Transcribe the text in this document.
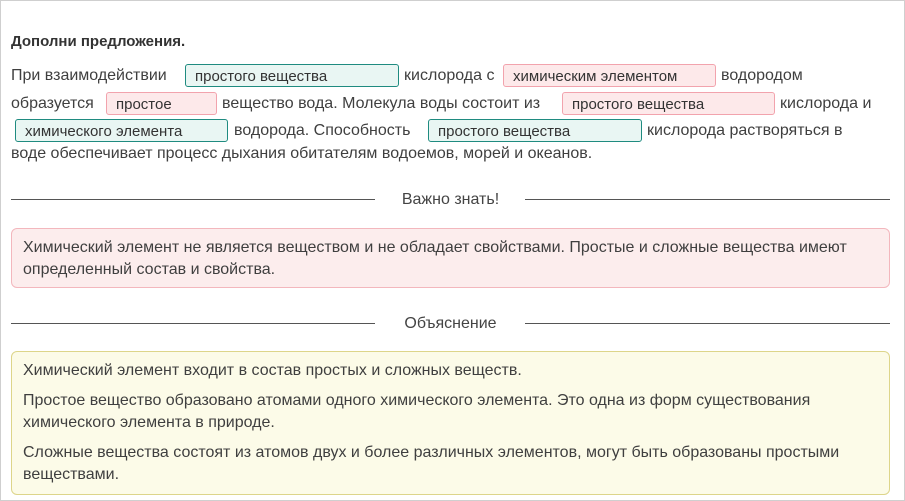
Дополни предложения.
При взаимодействии	простого вещества	кислорода с	химическим элементом	водородом
образуется	простое	вещество вода. Молекула воды состоит из	простого вещества	кислорода и
химического элемента	водорода. Способность	простого вещества	кислорода растворяться в
воде обеспечивает процесс дыхания обитателям водоемов, морей и океанов.
Важно знать!
Химический элемент не является веществом и не обладает свойствами. Простые и сложные вещества имеют определенный состав и свойства.
Объяснение

Химический элемент входит в состав простых и сложных веществ.

Простое вещество образовано атомами одного химического элемента. Это одна из форм существования химического элемента в природе.

Сложные вещества состоят из атомов двух и более различных элементов, могут быть образованы простыми веществами.
